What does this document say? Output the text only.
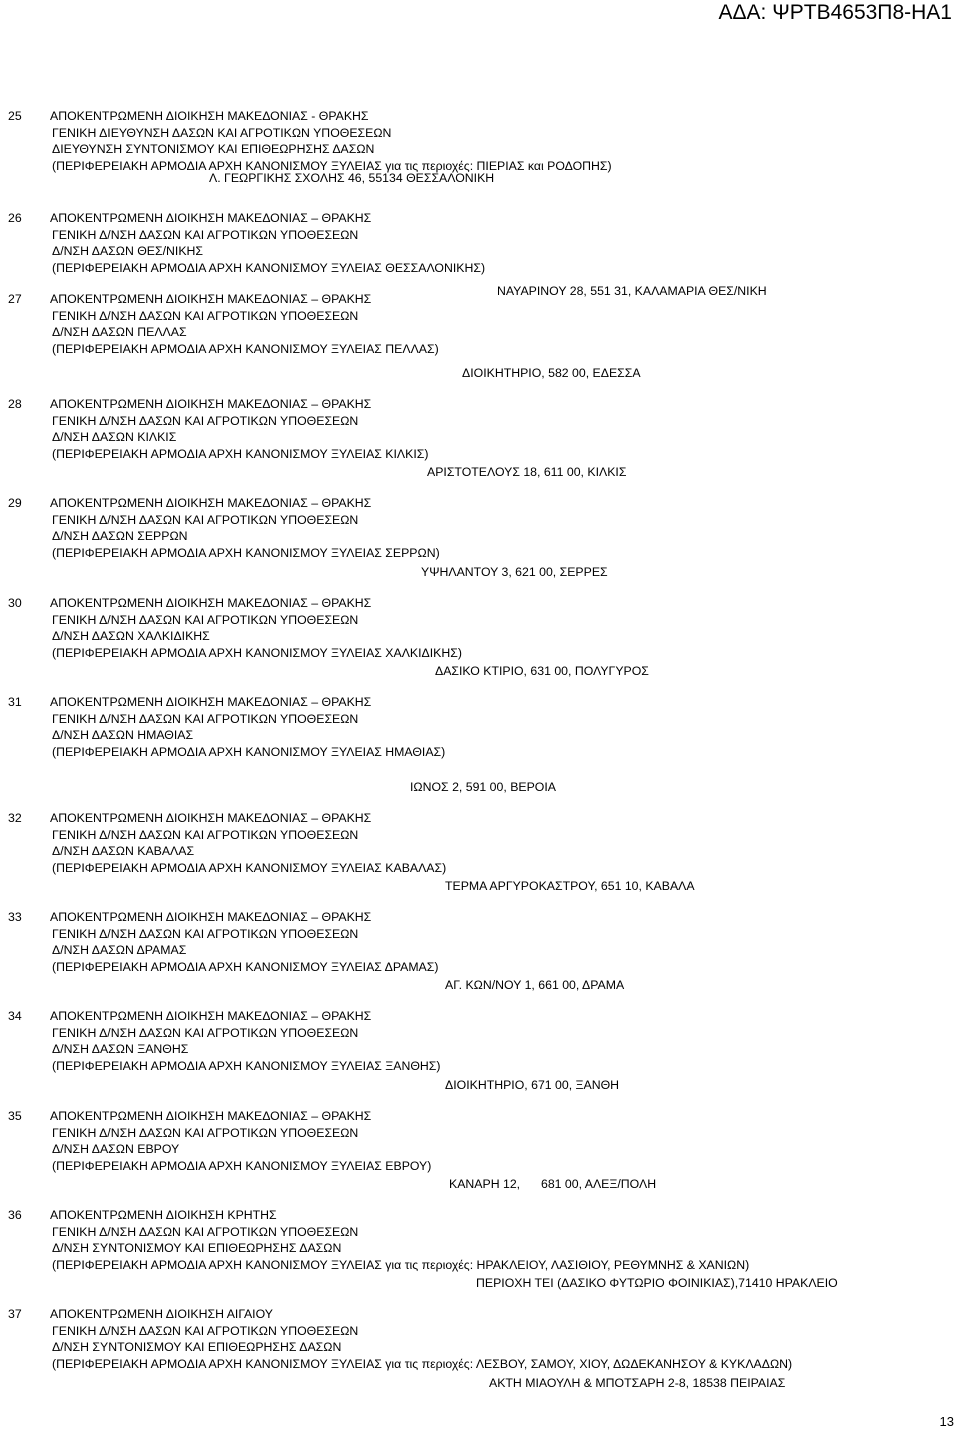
ΑΔΑ: ΨΡΤΒ4653Π8-ΗΑ1
25 ΑΠΟΚΕΝΤΡΩΜΕΝΗ ΔΙΟΙΚΗΣΗ ΜΑΚΕΔΟΝΙΑΣ - ΘΡΑΚΗΣ
ΓΕΝΙΚΗ ΔΙΕΥΘΥΝΣΗ ΔΑΣΩΝ ΚΑΙ ΑΓΡΟΤΙΚΩΝ ΥΠΟΘΕΣΕΩΝ
ΔΙΕΥΘΥΝΣΗ ΣΥΝΤΟΝΙΣΜΟΥ ΚΑΙ ΕΠΙΘΕΩΡΗΣΗΣ ΔΑΣΩΝ
(ΠΕΡΙΦΕΡΕΙΑΚΗ ΑΡΜΟΔΙΑ ΑΡΧΗ ΚΑΝΟΝΙΣΜΟΥ ΞΥΛΕΙΑΣ για τις περιοχές: ΠΙΕΡΙΑΣ και ΡΟΔΟΠΗΣ)
Λ. ΓΕΩΡΓΙΚΗΣ ΣΧΟΛΗΣ 46, 55134 ΘΕΣΣΑΛΟΝΙΚΗ
26 ΑΠΟΚΕΝΤΡΩΜΕΝΗ ΔΙΟΙΚΗΣΗ ΜΑΚΕΔΟΝΙΑΣ – ΘΡΑΚΗΣ
ΓΕΝΙΚΗ Δ/ΝΣΗ ΔΑΣΩΝ ΚΑΙ ΑΓΡΟΤΙΚΩΝ ΥΠΟΘΕΣΕΩΝ
Δ/ΝΣΗ ΔΑΣΩΝ ΘΕΣ/ΝΙΚΗΣ
(ΠΕΡΙΦΕΡΕΙΑΚΗ ΑΡΜΟΔΙΑ ΑΡΧΗ ΚΑΝΟΝΙΣΜΟΥ ΞΥΛΕΙΑΣ ΘΕΣΣΑΛΟΝΙΚΗΣ)
ΝΑΥΑΡΙΝΟΥ 28, 551 31, ΚΑΛΑΜΑΡΙΑ ΘΕΣ/ΝΙΚΗ
27 ΑΠΟΚΕΝΤΡΩΜΕΝΗ ΔΙΟΙΚΗΣΗ ΜΑΚΕΔΟΝΙΑΣ – ΘΡΑΚΗΣ
ΓΕΝΙΚΗ Δ/ΝΣΗ ΔΑΣΩΝ ΚΑΙ ΑΓΡΟΤΙΚΩΝ ΥΠΟΘΕΣΕΩΝ
Δ/ΝΣΗ ΔΑΣΩΝ ΠΕΛΛΑΣ
(ΠΕΡΙΦΕΡΕΙΑΚΗ ΑΡΜΟΔΙΑ ΑΡΧΗ ΚΑΝΟΝΙΣΜΟΥ ΞΥΛΕΙΑΣ ΠΕΛΛΑΣ)
ΔΙΟΙΚΗΤΗΡΙΟ, 582 00, ΕΔΕΣΣΑ
28 ΑΠΟΚΕΝΤΡΩΜΕΝΗ ΔΙΟΙΚΗΣΗ ΜΑΚΕΔΟΝΙΑΣ – ΘΡΑΚΗΣ
ΓΕΝΙΚΗ Δ/ΝΣΗ ΔΑΣΩΝ ΚΑΙ ΑΓΡΟΤΙΚΩΝ ΥΠΟΘΕΣΕΩΝ
Δ/ΝΣΗ ΔΑΣΩΝ ΚΙΛΚΙΣ
(ΠΕΡΙΦΕΡΕΙΑΚΗ ΑΡΜΟΔΙΑ ΑΡΧΗ ΚΑΝΟΝΙΣΜΟΥ ΞΥΛΕΙΑΣ ΚΙΛΚΙΣ)
ΑΡΙΣΤΟΤΕΛΟΥΣ 18, 611 00, ΚΙΛΚΙΣ
29 ΑΠΟΚΕΝΤΡΩΜΕΝΗ ΔΙΟΙΚΗΣΗ ΜΑΚΕΔΟΝΙΑΣ – ΘΡΑΚΗΣ
ΓΕΝΙΚΗ Δ/ΝΣΗ ΔΑΣΩΝ ΚΑΙ ΑΓΡΟΤΙΚΩΝ ΥΠΟΘΕΣΕΩΝ
Δ/ΝΣΗ ΔΑΣΩΝ ΣΕΡΡΩΝ
(ΠΕΡΙΦΕΡΕΙΑΚΗ ΑΡΜΟΔΙΑ ΑΡΧΗ ΚΑΝΟΝΙΣΜΟΥ ΞΥΛΕΙΑΣ ΣΕΡΡΩΝ)
ΥΨΗΛΑΝΤΟΥ 3, 621 00, ΣΕΡΡΕΣ
30 ΑΠΟΚΕΝΤΡΩΜΕΝΗ ΔΙΟΙΚΗΣΗ ΜΑΚΕΔΟΝΙΑΣ – ΘΡΑΚΗΣ
ΓΕΝΙΚΗ Δ/ΝΣΗ ΔΑΣΩΝ ΚΑΙ ΑΓΡΟΤΙΚΩΝ ΥΠΟΘΕΣΕΩΝ
Δ/ΝΣΗ ΔΑΣΩΝ ΧΑΛΚΙΔΙΚΗΣ
(ΠΕΡΙΦΕΡΕΙΑΚΗ ΑΡΜΟΔΙΑ ΑΡΧΗ ΚΑΝΟΝΙΣΜΟΥ ΞΥΛΕΙΑΣ ΧΑΛΚΙΔΙΚΗΣ)
ΔΑΣΙΚΟ ΚΤΙΡΙΟ, 631 00, ΠΟΛΥΓΥΡΟΣ
31 ΑΠΟΚΕΝΤΡΩΜΕΝΗ ΔΙΟΙΚΗΣΗ ΜΑΚΕΔΟΝΙΑΣ – ΘΡΑΚΗΣ
ΓΕΝΙΚΗ Δ/ΝΣΗ ΔΑΣΩΝ ΚΑΙ ΑΓΡΟΤΙΚΩΝ ΥΠΟΘΕΣΕΩΝ
Δ/ΝΣΗ ΔΑΣΩΝ ΗΜΑΘΙΑΣ
(ΠΕΡΙΦΕΡΕΙΑΚΗ ΑΡΜΟΔΙΑ ΑΡΧΗ ΚΑΝΟΝΙΣΜΟΥ ΞΥΛΕΙΑΣ ΗΜΑΘΙΑΣ)
ΙΩΝΟΣ 2, 591 00, ΒΕΡΟΙΑ
32 ΑΠΟΚΕΝΤΡΩΜΕΝΗ ΔΙΟΙΚΗΣΗ ΜΑΚΕΔΟΝΙΑΣ – ΘΡΑΚΗΣ
ΓΕΝΙΚΗ Δ/ΝΣΗ ΔΑΣΩΝ ΚΑΙ ΑΓΡΟΤΙΚΩΝ ΥΠΟΘΕΣΕΩΝ
Δ/ΝΣΗ ΔΑΣΩΝ ΚΑΒΑΛΑΣ
(ΠΕΡΙΦΕΡΕΙΑΚΗ ΑΡΜΟΔΙΑ ΑΡΧΗ ΚΑΝΟΝΙΣΜΟΥ ΞΥΛΕΙΑΣ ΚΑΒΑΛΑΣ)
ΤΕΡΜΑ ΑΡΓΥΡΟΚΑΣΤΡΟΥ, 651 10, ΚΑΒΑΛΑ
33 ΑΠΟΚΕΝΤΡΩΜΕΝΗ ΔΙΟΙΚΗΣΗ ΜΑΚΕΔΟΝΙΑΣ – ΘΡΑΚΗΣ
ΓΕΝΙΚΗ Δ/ΝΣΗ ΔΑΣΩΝ ΚΑΙ ΑΓΡΟΤΙΚΩΝ ΥΠΟΘΕΣΕΩΝ
Δ/ΝΣΗ ΔΑΣΩΝ ΔΡΑΜΑΣ
(ΠΕΡΙΦΕΡΕΙΑΚΗ ΑΡΜΟΔΙΑ ΑΡΧΗ ΚΑΝΟΝΙΣΜΟΥ ΞΥΛΕΙΑΣ ΔΡΑΜΑΣ)
ΑΓ. ΚΩΝ/ΝΟΥ 1, 661 00, ΔΡΑΜΑ
34 ΑΠΟΚΕΝΤΡΩΜΕΝΗ ΔΙΟΙΚΗΣΗ ΜΑΚΕΔΟΝΙΑΣ – ΘΡΑΚΗΣ
ΓΕΝΙΚΗ Δ/ΝΣΗ ΔΑΣΩΝ ΚΑΙ ΑΓΡΟΤΙΚΩΝ ΥΠΟΘΕΣΕΩΝ
Δ/ΝΣΗ ΔΑΣΩΝ ΞΑΝΘΗΣ
(ΠΕΡΙΦΕΡΕΙΑΚΗ ΑΡΜΟΔΙΑ ΑΡΧΗ ΚΑΝΟΝΙΣΜΟΥ ΞΥΛΕΙΑΣ ΞΑΝΘΗΣ)
ΔΙΟΙΚΗΤΗΡΙΟ, 671 00, ΞΑΝΘΗ
35 ΑΠΟΚΕΝΤΡΩΜΕΝΗ ΔΙΟΙΚΗΣΗ ΜΑΚΕΔΟΝΙΑΣ – ΘΡΑΚΗΣ
ΓΕΝΙΚΗ Δ/ΝΣΗ ΔΑΣΩΝ ΚΑΙ ΑΓΡΟΤΙΚΩΝ ΥΠΟΘΕΣΕΩΝ
Δ/ΝΣΗ ΔΑΣΩΝ ΕΒΡΟΥ
(ΠΕΡΙΦΕΡΕΙΑΚΗ ΑΡΜΟΔΙΑ ΑΡΧΗ ΚΑΝΟΝΙΣΜΟΥ ΞΥΛΕΙΑΣ ΕΒΡΟΥ)
ΚΑΝΑΡΗ 12, 681 00, ΑΛΕΞ/ΠΟΛΗ
36 ΑΠΟΚΕΝΤΡΩΜΕΝΗ ΔΙΟΙΚΗΣΗ ΚΡΗΤΗΣ
ΓΕΝΙΚΗ Δ/ΝΣΗ ΔΑΣΩΝ ΚΑΙ ΑΓΡΟΤΙΚΩΝ ΥΠΟΘΕΣΕΩΝ
Δ/ΝΣΗ ΣΥΝΤΟΝΙΣΜΟΥ ΚΑΙ ΕΠΙΘΕΩΡΗΣΗΣ ΔΑΣΩΝ
(ΠΕΡΙΦΕΡΕΙΑΚΗ ΑΡΜΟΔΙΑ ΑΡΧΗ ΚΑΝΟΝΙΣΜΟΥ ΞΥΛΕΙΑΣ για τις περιοχές: ΗΡΑΚΛΕΙΟΥ, ΛΑΣΙΘΙΟΥ, ΡΕΘΥΜΝΗΣ & ΧΑΝΙΩΝ)
ΠΕΡΙΟΧΗ ΤΕΙ (ΔΑΣΙΚΟ ΦΥΤΩΡΙΟ ΦΟΙΝΙΚΙΑΣ),71410 ΗΡΑΚΛΕΙΟ
37 ΑΠΟΚΕΝΤΡΩΜΕΝΗ ΔΙΟΙΚΗΣΗ ΑΙΓΑΙΟΥ
ΓΕΝΙΚΗ Δ/ΝΣΗ ΔΑΣΩΝ ΚΑΙ ΑΓΡΟΤΙΚΩΝ ΥΠΟΘΕΣΕΩΝ
Δ/ΝΣΗ ΣΥΝΤΟΝΙΣΜΟΥ ΚΑΙ ΕΠΙΘΕΩΡΗΣΗΣ ΔΑΣΩΝ
(ΠΕΡΙΦΕΡΕΙΑΚΗ ΑΡΜΟΔΙΑ ΑΡΧΗ ΚΑΝΟΝΙΣΜΟΥ ΞΥΛΕΙΑΣ για τις περιοχές: ΛΕΣΒΟΥ, ΣΑΜΟΥ, ΧΙΟΥ, ΔΩΔΕΚΑΝΗΣΟΥ & ΚΥΚΛΑΔΩΝ)
ΑΚΤΗ ΜΙΑΟΥΛΗ & ΜΠΟΤΣΑΡΗ 2-8, 18538 ΠΕΙΡΑΙΑΣ
13
